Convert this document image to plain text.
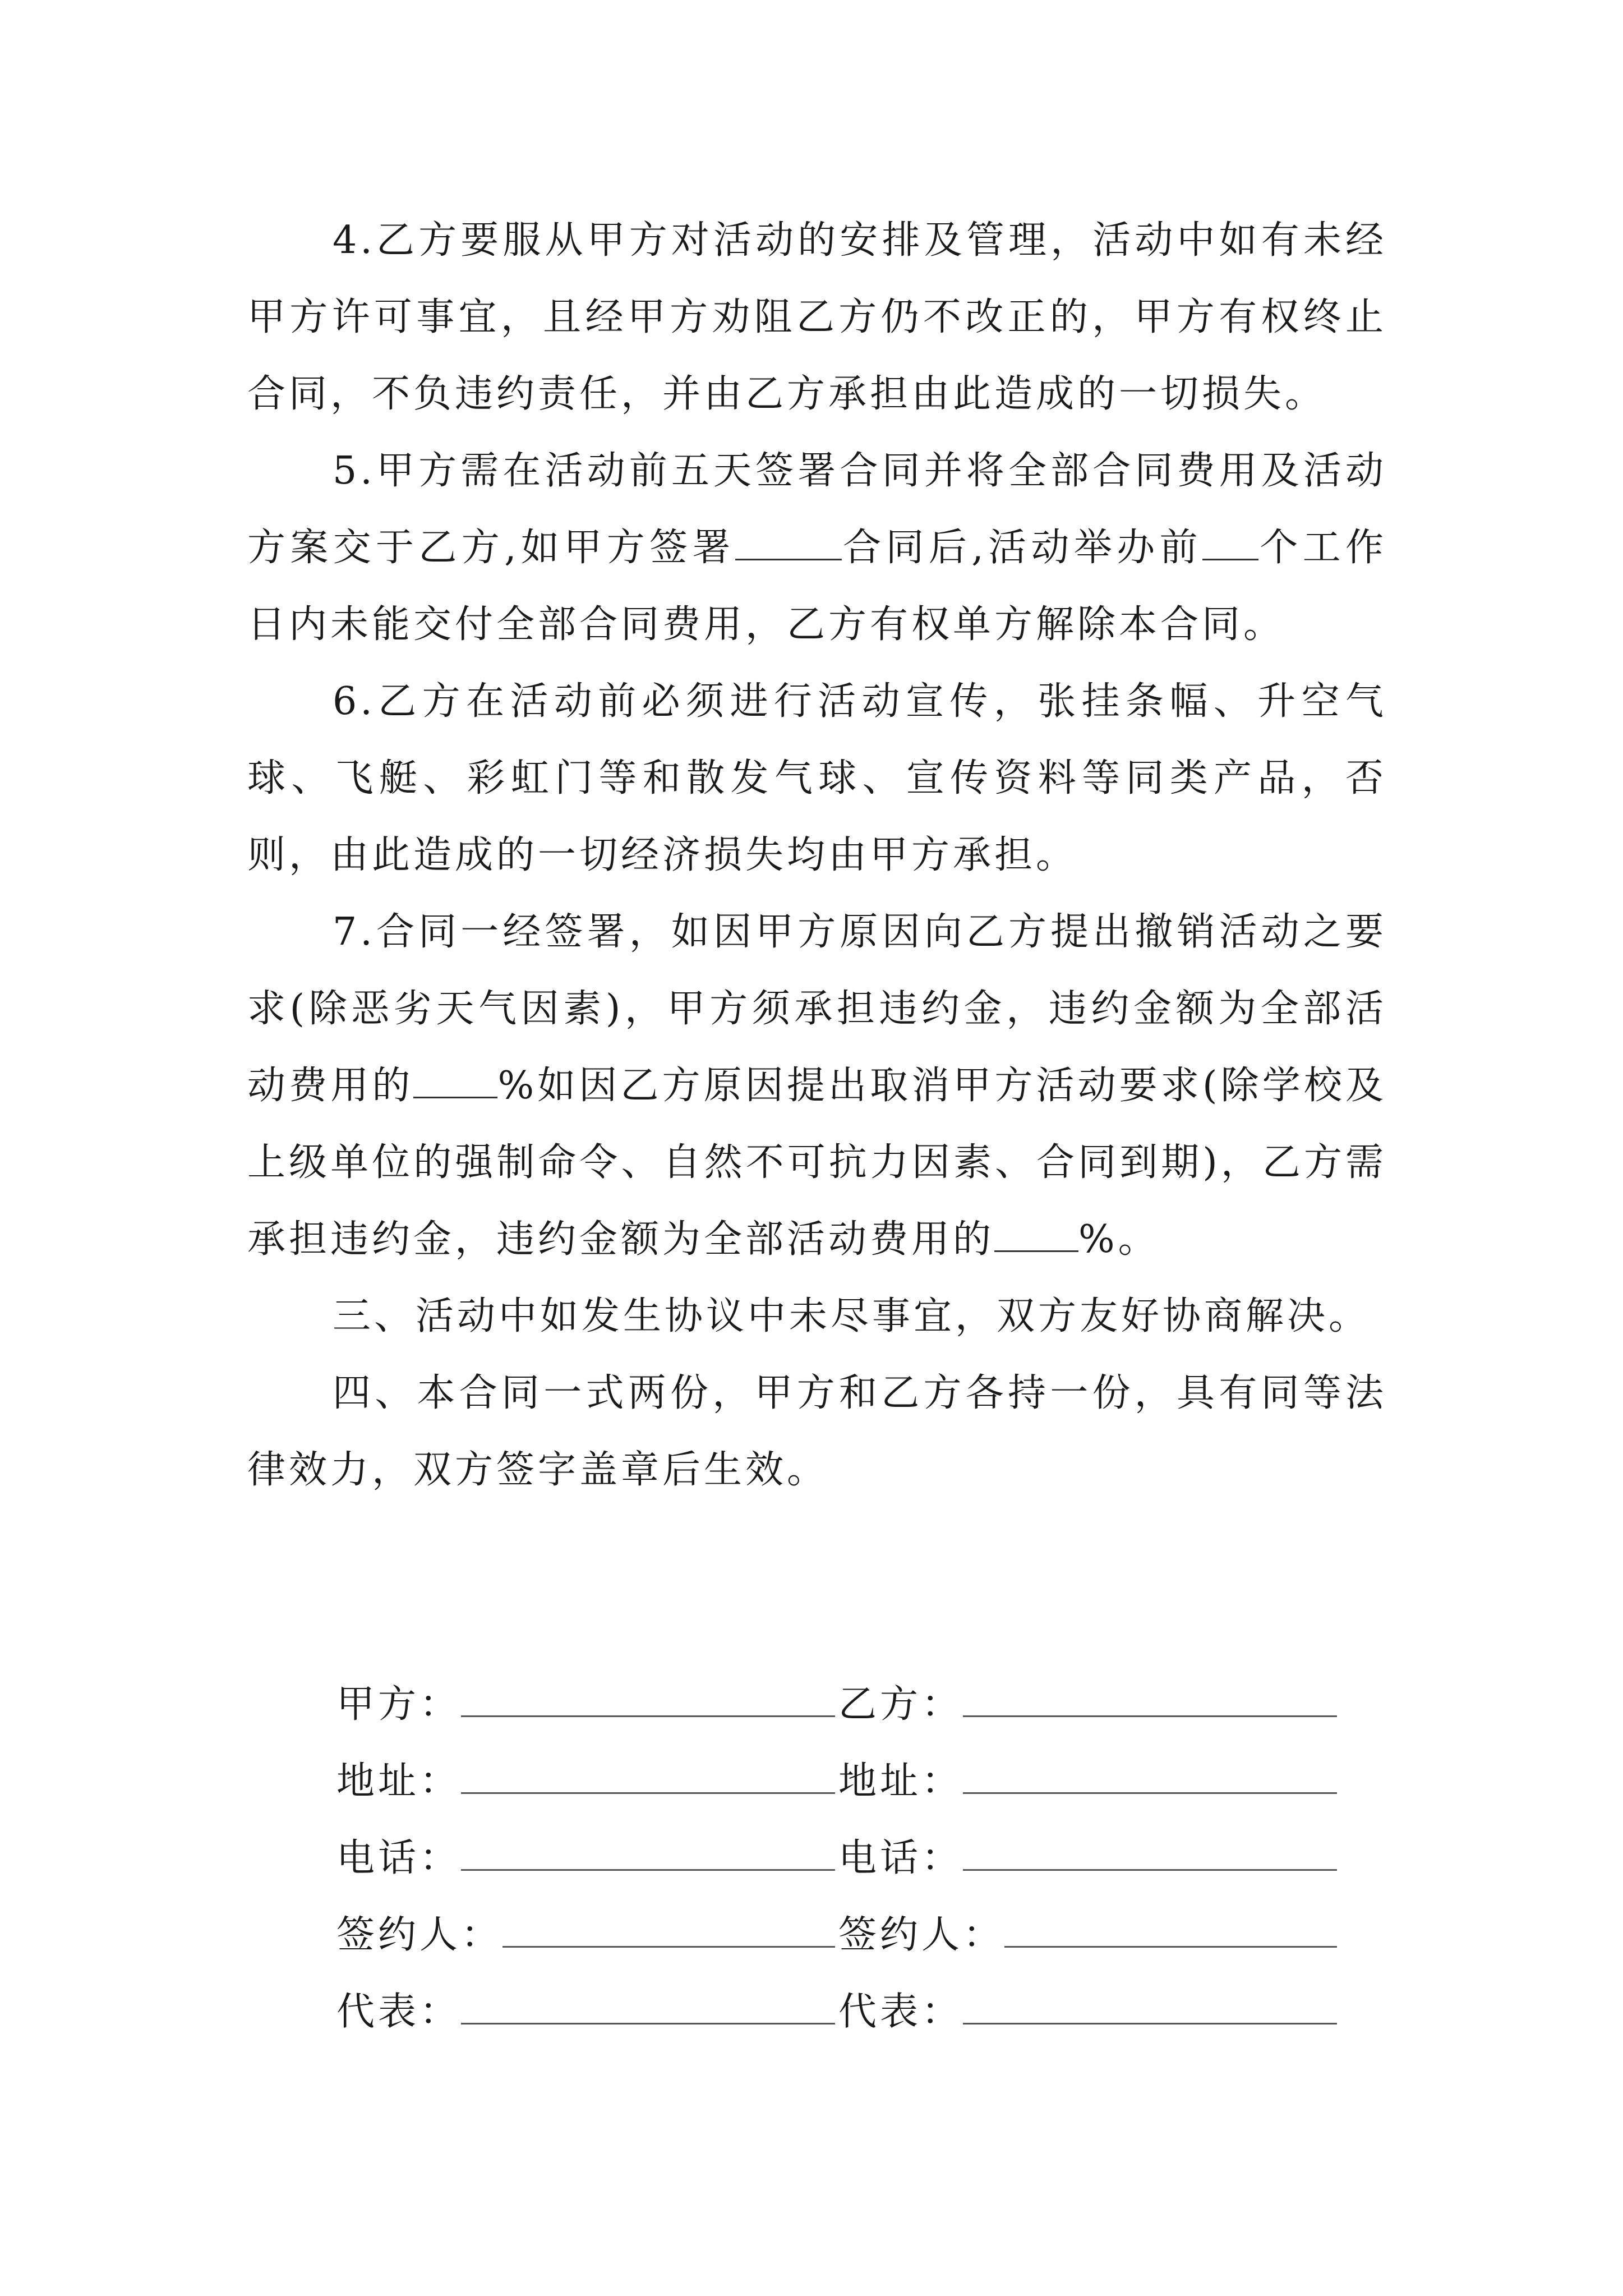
4.乙方要服从甲方对活动的安排及管理，活动中如有未经甲方许可事宜，且经甲方劝阻乙方仍不改正的，甲方有权终止合同，不负违约责任，并由乙方承担由此造成的一切损失。

5.甲方需在活动前五天签署合同并将全部合同费用及活动方案交于乙方,如甲方签署	合同后,活动举办前 个工作日内未能交付全部合同费用，乙方有权单方解除本合同。

6.乙方在活动前必须进行活动宣传，张挂条幅、升空气球、飞艇、彩虹门等和散发气球、宣传资料等同类产品，否则，由此造成的一切经济损失均由甲方承担。

7.合同一经签署，如因甲方原因向乙方提出撤销活动之要求(除恶劣天气因素)，甲方须承担违约金，违约金额为全部活动费用的 %如因乙方原因提出取消甲方活动要求(除学校及上级单位的强制命令、自然不可抗力因素、合同到期)，乙方需承担违约金，违约金额为全部活动费用的 %。

三、活动中如发生协议中未尽事宜，双方友好协商解决。

四、本合同一式两份，甲方和乙方各持一份，具有同等法律效力，双方签字盖章后生效。

甲方：	乙方：
地址：	地址：
电话：	电话：
签约人：	签约人：
代表：	代表：
